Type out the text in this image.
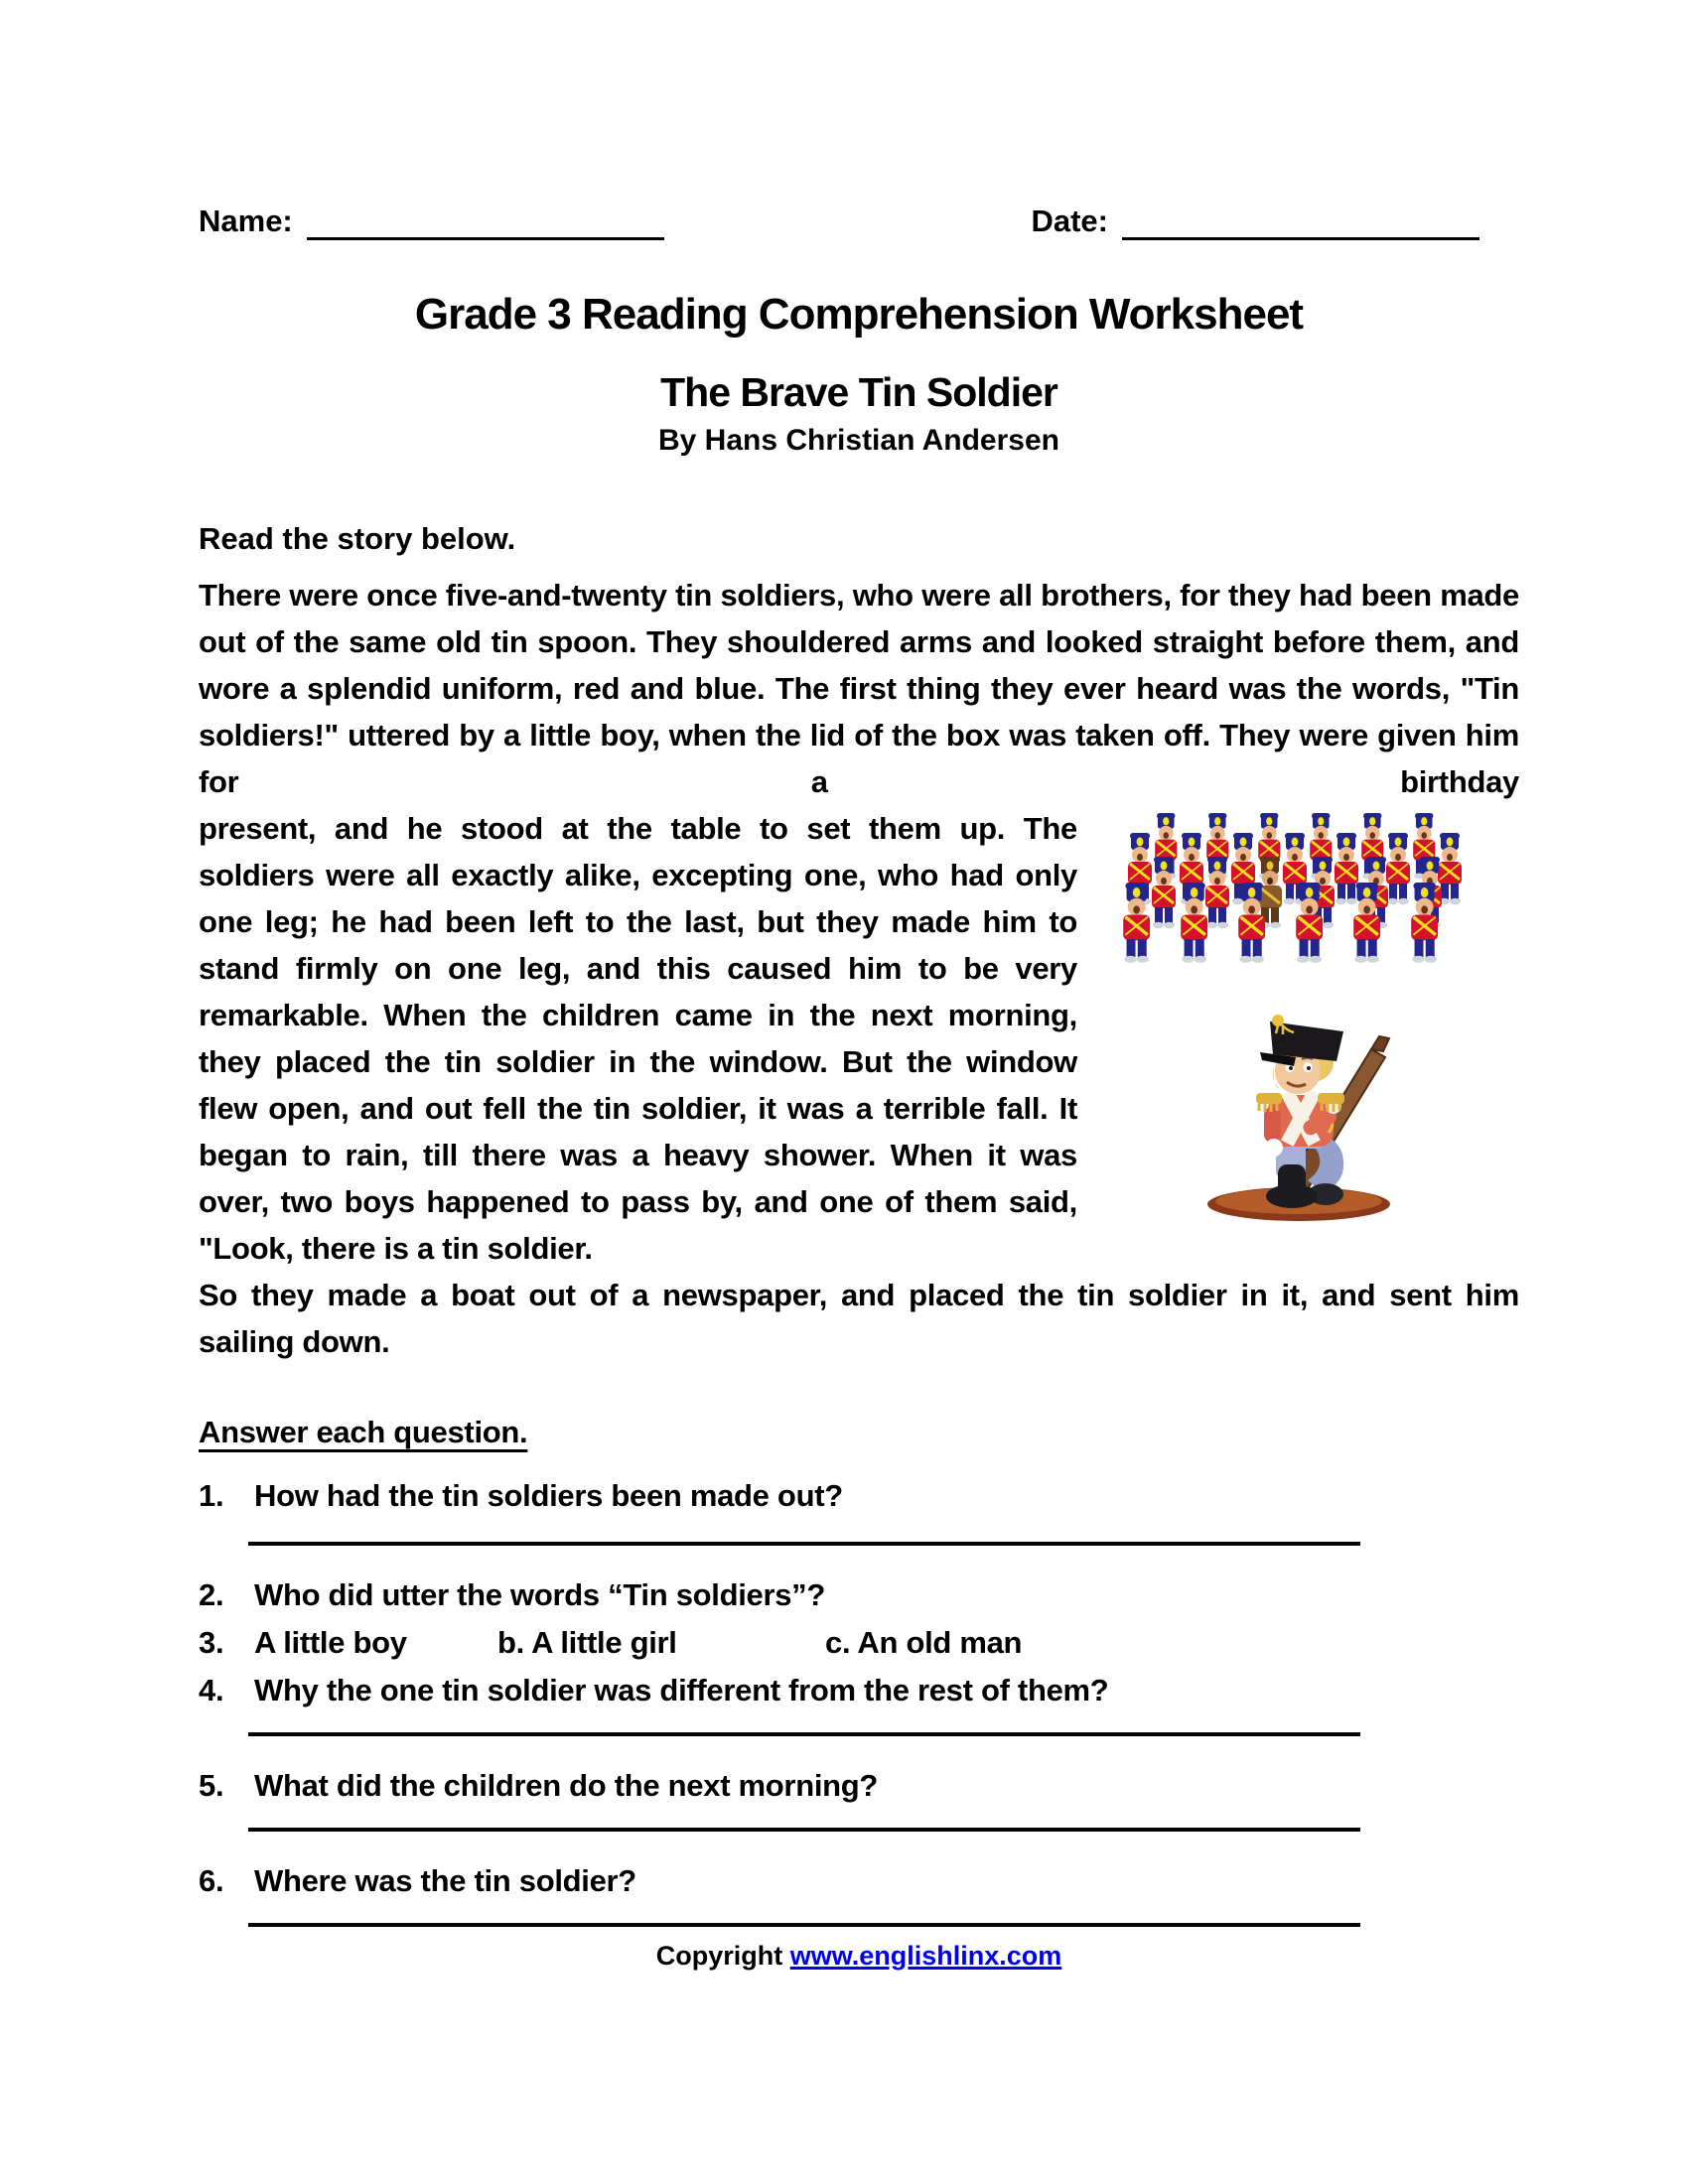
Name:	Date:
Grade 3 Reading Comprehension Worksheet
The Brave Tin Soldier
By Hans Christian Andersen
Read the story below.

There were once five-and-twenty tin soldiers, who were all brothers, for they had been made out of the same old tin spoon. They shouldered arms and looked straight before them, and wore a splendid uniform, red and blue. The first thing they ever heard was the words, "Tin soldiers!" uttered by a little boy, when the lid of the box was taken off. They were given him for a birthday

present, and he stood at the table to set them up. The soldiers were all exactly alike, excepting one, who had only one leg; he had been left to the last, but they made him to stand firmly on one leg, and this caused him to be very remarkable. When the children came in the next morning, they placed the tin soldier in the window. But the window flew open, and out fell the tin soldier, it was a terrible fall. It began to rain, till there was a heavy shower. When it was over, two boys happened to pass by, and one of them said, "Look, there is a tin soldier.

So they made a boat out of a newspaper, and placed the tin soldier in it, and sent him sailing down.

Answer each question.
1. How had the tin soldiers been made out?
2. Who did utter the words “Tin soldiers”?
3. A little boy	b. A little girl	c. An old man
4. Why the one tin soldier was different from the rest of them?
5. What did the children do the next morning?
6. Where was the tin soldier?
Copyright www.englishlinx.com
